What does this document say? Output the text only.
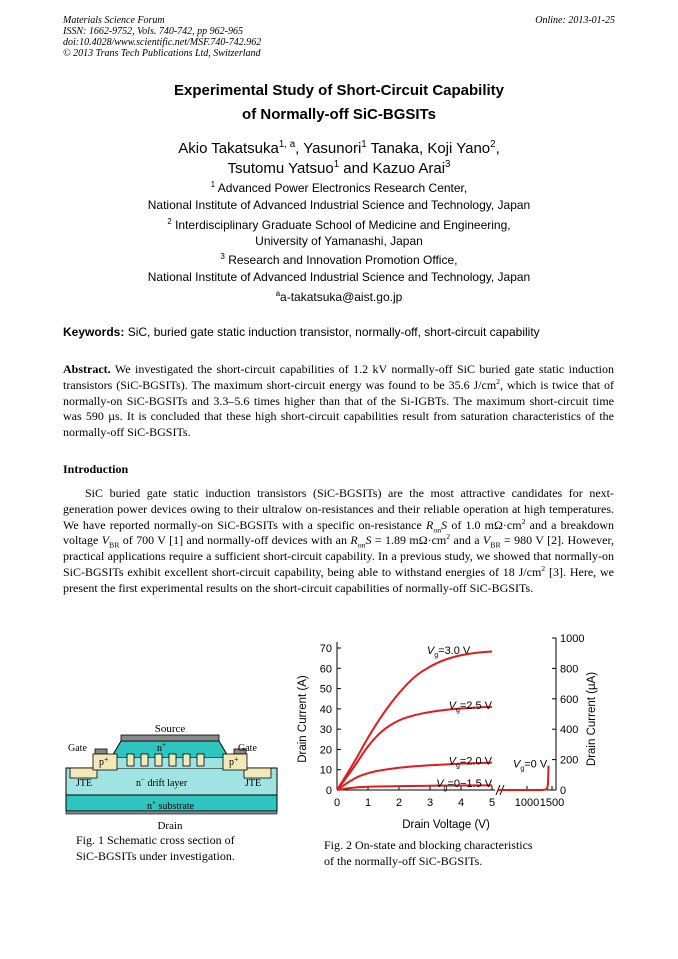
Materials Science Forum
ISSN: 1662-9752, Vols. 740-742, pp 962-965
doi:10.4028/www.scientific.net/MSF.740-742.962
© 2013 Trans Tech Publications Ltd, Switzerland
Online: 2013-01-25
Experimental Study of Short-Circuit Capability
of Normally-off SiC-BGSITs
Akio Takatsuka$^{1, a}$, Yasunori$^1$ Tanaka, Koji Yano$^2$,
Tsutomu Yatsuo$^1$ and Kazuo Arai$^3$
$^1$ Advanced Power Electronics Research Center,
National Institute of Advanced Industrial Science and Technology, Japan
$^2$ Interdisciplinary Graduate School of Medicine and Engineering,
University of Yamanashi, Japan
$^3$ Research and Innovation Promotion Office,
National Institute of Advanced Industrial Science and Technology, Japan
$^a$a-takatsuka@aist.go.jp
Keywords: SiC, buried gate static induction transistor, normally-off, short-circuit capability
Abstract. We investigated the short-circuit capabilities of 1.2 kV normally-off SiC buried gate static induction transistors (SiC-BGSITs). The maximum short-circuit energy was found to be 35.6 $J/cm^2$, which is twice that of normally-on SiC-BGSITs and 3.3–5.6 times higher than that of the Si-IGBTs. The maximum short-circuit time was 590 µs. It is concluded that these high short-circuit capabilities result from saturation characteristics of the normally-off SiC-BGSITs.
Introduction
SiC buried gate static induction transistors (SiC-BGSITs) are the most attractive candidates for next-generation power devices owing to their ultralow on-resistances and their reliable operation at high temperatures. We have reported normally-on SiC-BGSITs with a specific on-resistance $R_{on}S$ of 1.0 $m\Omega\cdot cm^2$ and a breakdown voltage $V_{BR}$ of 700 V [1] and normally-off devices with an $R_{on}S = 1.89$ $m\Omega\cdot cm^2$ and a $V_{BR} = 980$ V [2]. However, practical applications require a sufficient short-circuit capability. In a previous study, we showed that normally-on SiC-BGSITs exhibit excellent short-circuit capability, being able to withstand energies of 18 $J/cm^2$ [3]. Here, we present the first experimental results on the short-circuit capabilities of normally-off SiC-BGSITs.
Source
n+
Gate	Gate
p+	p+
JTE	JTE
n− drift layer
n+ substrate
Drain
Fig. 1 Schematic cross section of
SiC-BGSITs under investigation.
0
10
20
30
40
50
60
70
0
200
400
600
800
1000
0 1 2 3 4 5 1000 1500
$V_g=3.0$ V
$V_g=2.5$ V
$V_g=2.0$ V
$V_g=0-1.5$ V
$V_g=0$ V
Drain Voltage (V)
Drain Current (A)	Drain Current (µA)
Fig. 2 On-state and blocking characteristics
of the normally-off SiC-BGSITs.
